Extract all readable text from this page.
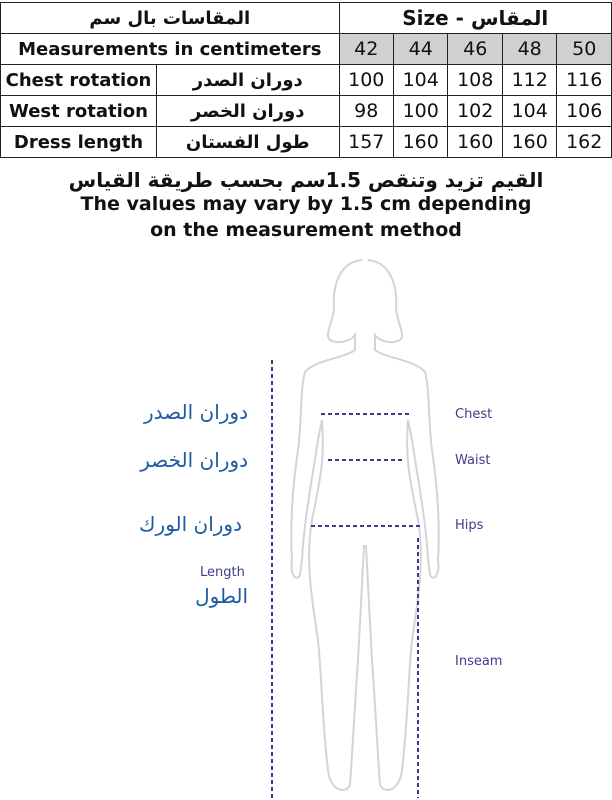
المقاسات بال سم		Size - المقاس				
Measurements in centimeters		42	44	46	48	50
Chest rotation	دوران الصدر	100	104	108	112	116
West rotation	دوران الخصر	98	100	102	104	106
Dress length	طول الفستان	157	160	160	160	162
القيم تزيد وتنقص 1.5سم بحسب طريقة القياس
The values may vary by 1.5 cm depending
on the measurement method
دوران الصدر
دوران الخصر
دوران الورك
Length
الطول
Chest
Waist
Hips
Inseam
